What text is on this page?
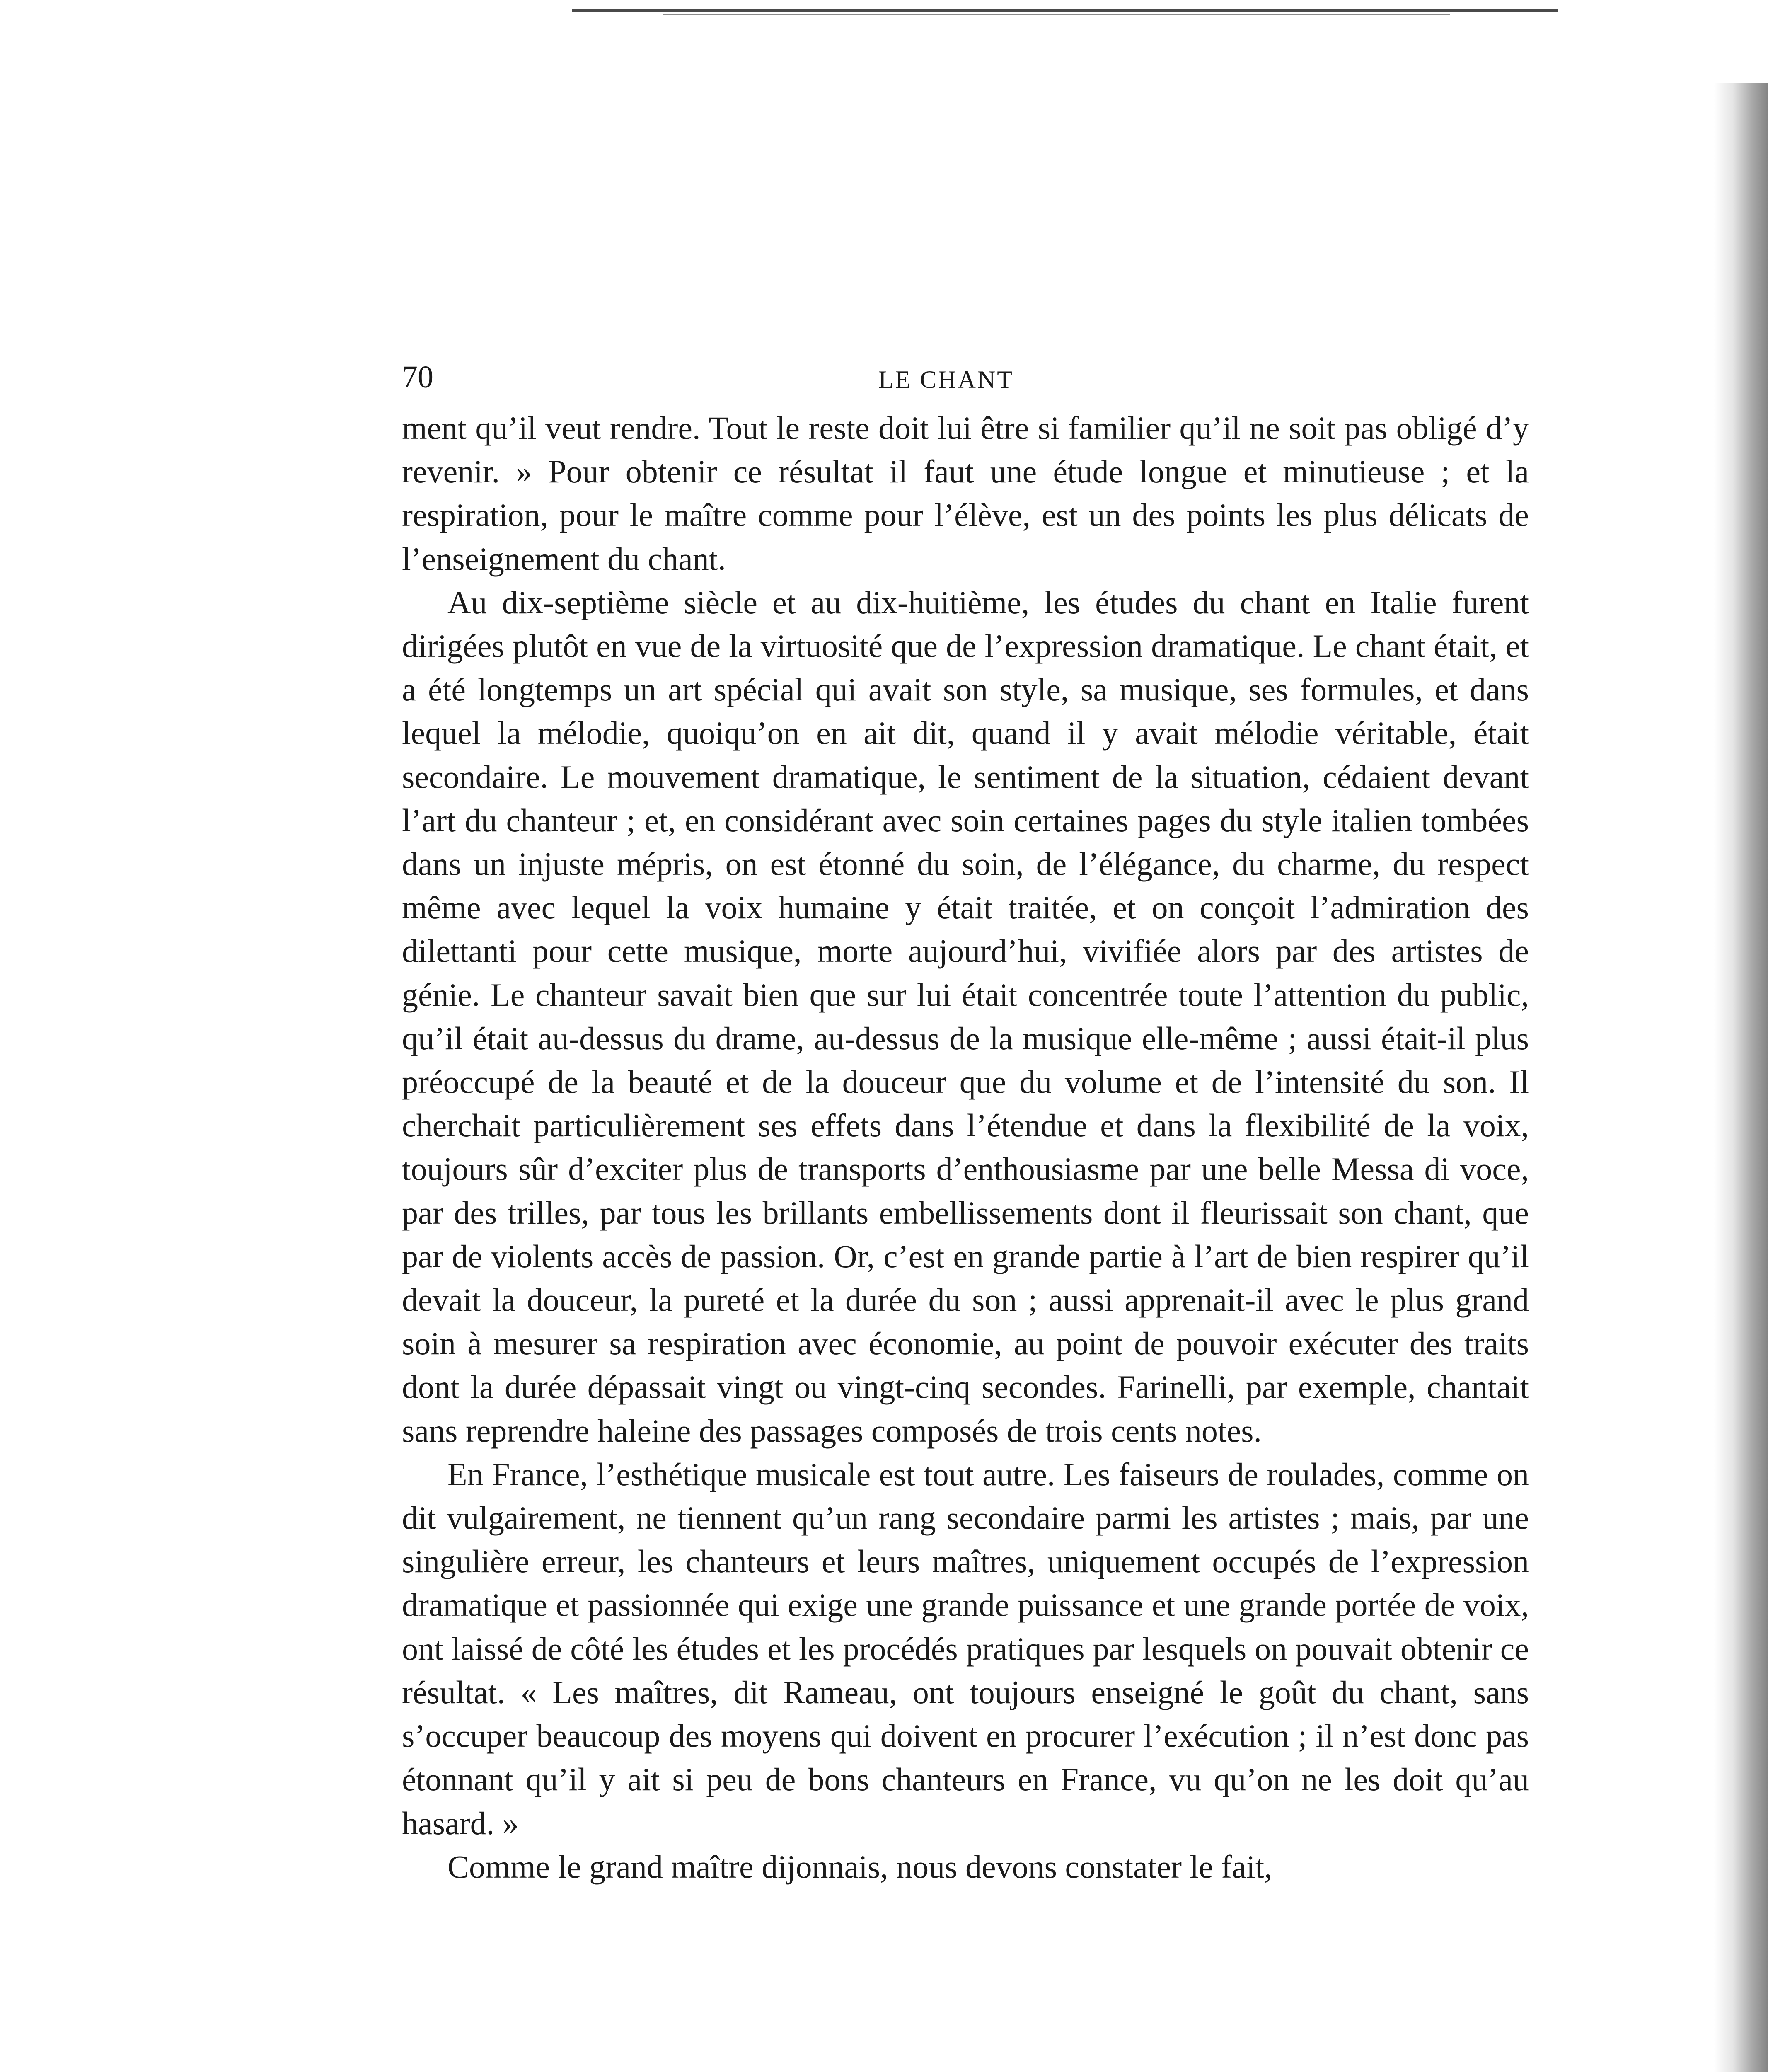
70	LE CHANT

ment qu’il veut rendre. Tout le reste doit lui être si familier qu’il ne soit pas obligé d’y revenir. » Pour obtenir ce résultat il faut une étude longue et minutieuse ; et la respiration, pour le maître comme pour l’élève, est un des points les plus délicats de l’enseignement du chant.

Au dix-septième siècle et au dix-huitième, les études du chant en Italie furent dirigées plutôt en vue de la virtuosité que de l’expression dramatique. Le chant était, et a été longtemps un art spécial qui avait son style, sa musique, ses formules, et dans lequel la mélodie, quoiqu’on en ait dit, quand il y avait mélodie véritable, était secondaire. Le mouvement dramatique, le sentiment de la situation, cédaient devant l’art du chanteur ; et, en considérant avec soin certaines pages du style italien tombées dans un injuste mépris, on est étonné du soin, de l’élégance, du charme, du respect même avec lequel la voix humaine y était traitée, et on conçoit l’admiration des dilettanti pour cette musique, morte aujourd’hui, vivifiée alors par des artistes de génie. Le chanteur savait bien que sur lui était concentrée toute l’attention du public, qu’il était au-dessus du drame, au-dessus de la musique elle-même ; aussi était-il plus préoccupé de la beauté et de la douceur que du volume et de l’intensité du son. Il cherchait particulièrement ses effets dans l’étendue et dans la flexibilité de la voix, toujours sûr d’exciter plus de transports d’enthousiasme par une belle Messa di voce, par des trilles, par tous les brillants embellissements dont il fleurissait son chant, que par de violents accès de passion. Or, c’est en grande partie à l’art de bien respirer qu’il devait la douceur, la pureté et la durée du son ; aussi apprenait-il avec le plus grand soin à mesurer sa respiration avec économie, au point de pouvoir exécuter des traits dont la durée dépassait vingt ou vingt-cinq secondes. Farinelli, par exemple, chantait sans reprendre haleine des passages composés de trois cents notes.

En France, l’esthétique musicale est tout autre. Les faiseurs de roulades, comme on dit vulgairement, ne tiennent qu’un rang secondaire parmi les artistes ; mais, par une singulière erreur, les chanteurs et leurs maîtres, uniquement occupés de l’expression dramatique et passionnée qui exige une grande puissance et une grande portée de voix, ont laissé de côté les études et les procédés pratiques par lesquels on pouvait obtenir ce résultat. « Les maîtres, dit Rameau, ont toujours enseigné le goût du chant, sans s’occuper beaucoup des moyens qui doivent en procurer l’exécution ; il n’est donc pas étonnant qu’il y ait si peu de bons chanteurs en France, vu qu’on ne les doit qu’au hasard. »

Comme le grand maître dijonnais, nous devons constater le fait,
